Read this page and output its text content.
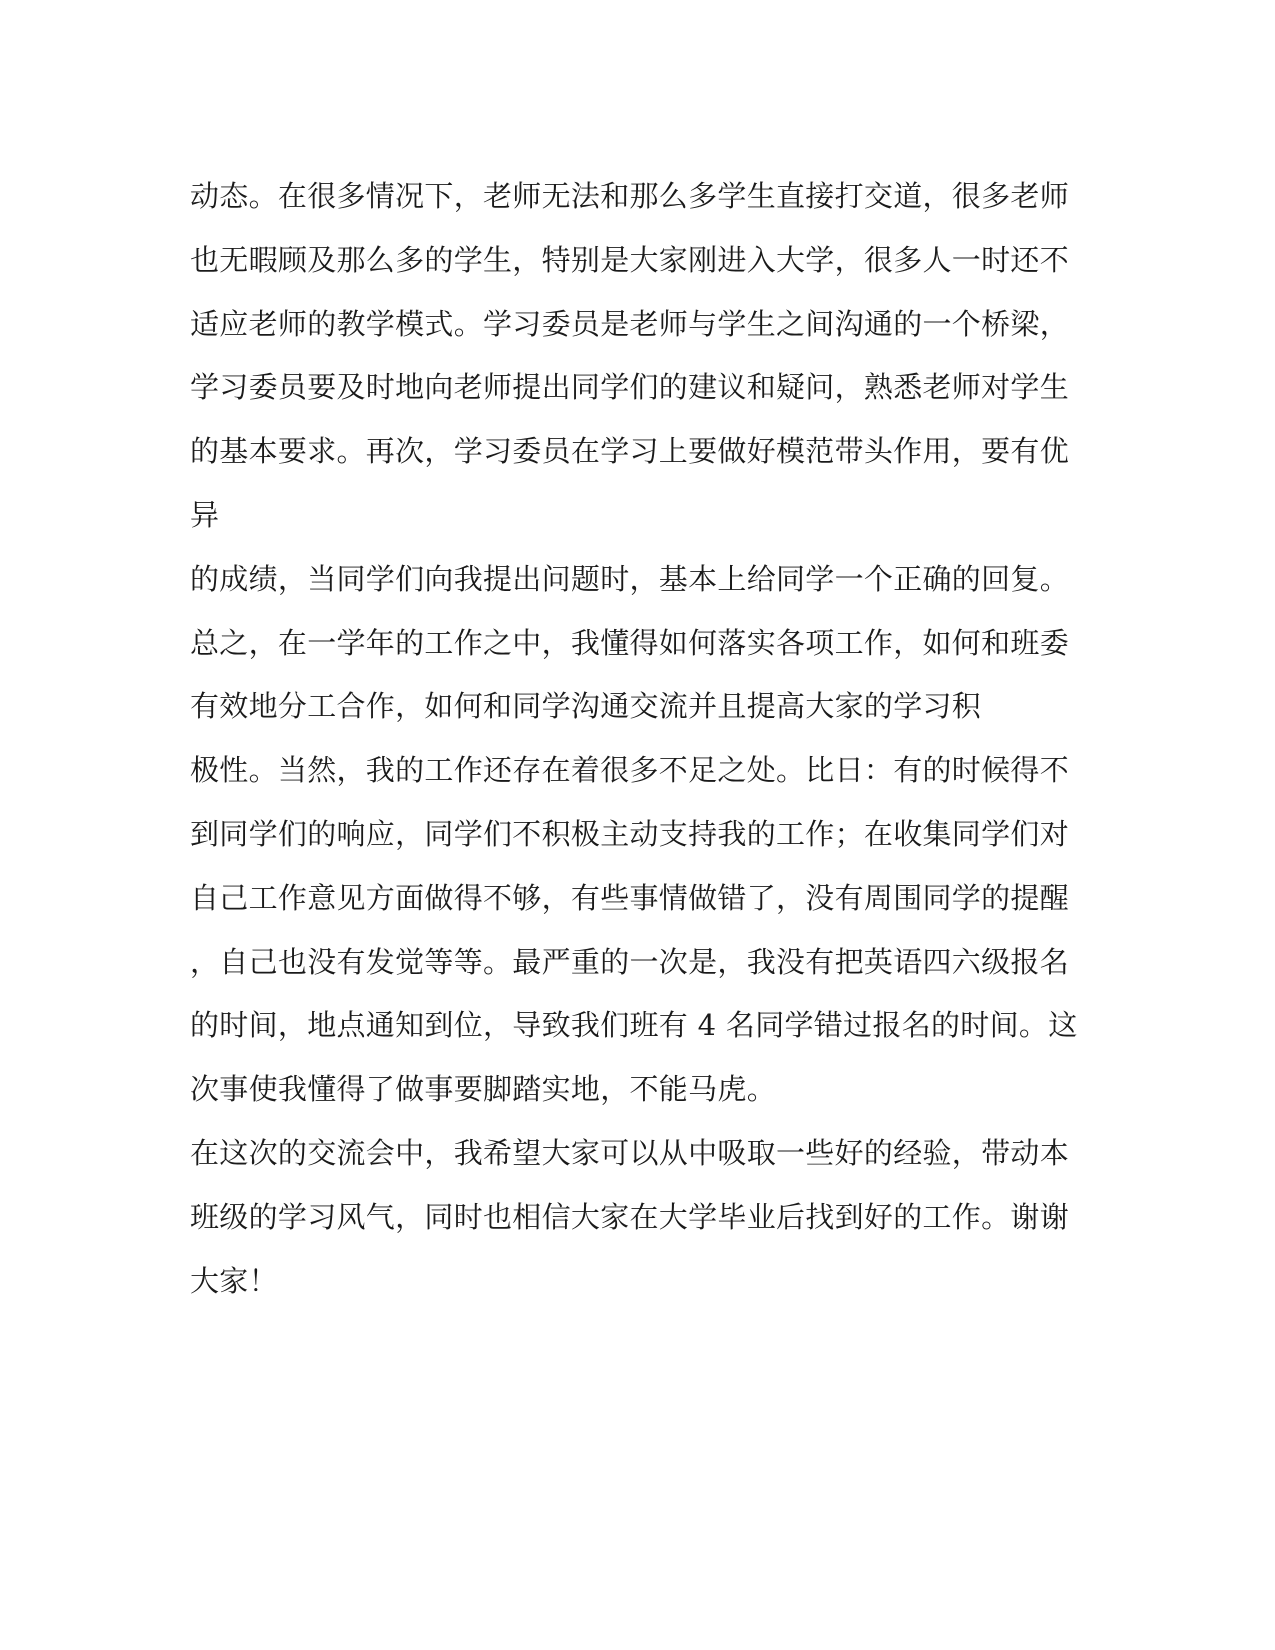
动态。在很多情况下，老师无法和那么多学生直接打交道，很多老师
也无暇顾及那么多的学生，特别是大家刚进入大学，很多人一时还不
适应老师的教学模式。学习委员是老师与学生之间沟通的一个桥梁，
学习委员要及时地向老师提出同学们的建议和疑问，熟悉老师对学生
的基本要求。再次，学习委员在学习上要做好模范带头作用，要有优
异
的成绩，当同学们向我提出问题时，基本上给同学一个正确的回复。
总之，在一学年的工作之中，我懂得如何落实各项工作，如何和班委
有效地分工合作，如何和同学沟通交流并且提高大家的学习积
极性。当然，我的工作还存在着很多不足之处。比日：有的时候得不
到同学们的响应，同学们不积极主动支持我的工作；在收集同学们对
自己工作意见方面做得不够，有些事情做错了，没有周围同学的提醒
，自己也没有发觉等等。最严重的一次是，我没有把英语四六级报名
的时间，地点通知到位，导致我们班有 4 名同学错过报名的时间。这
次事使我懂得了做事要脚踏实地，不能马虎。
在这次的交流会中，我希望大家可以从中吸取一些好的经验，带动本
班级的学习风气，同时也相信大家在大学毕业后找到好的工作。谢谢
大家！
